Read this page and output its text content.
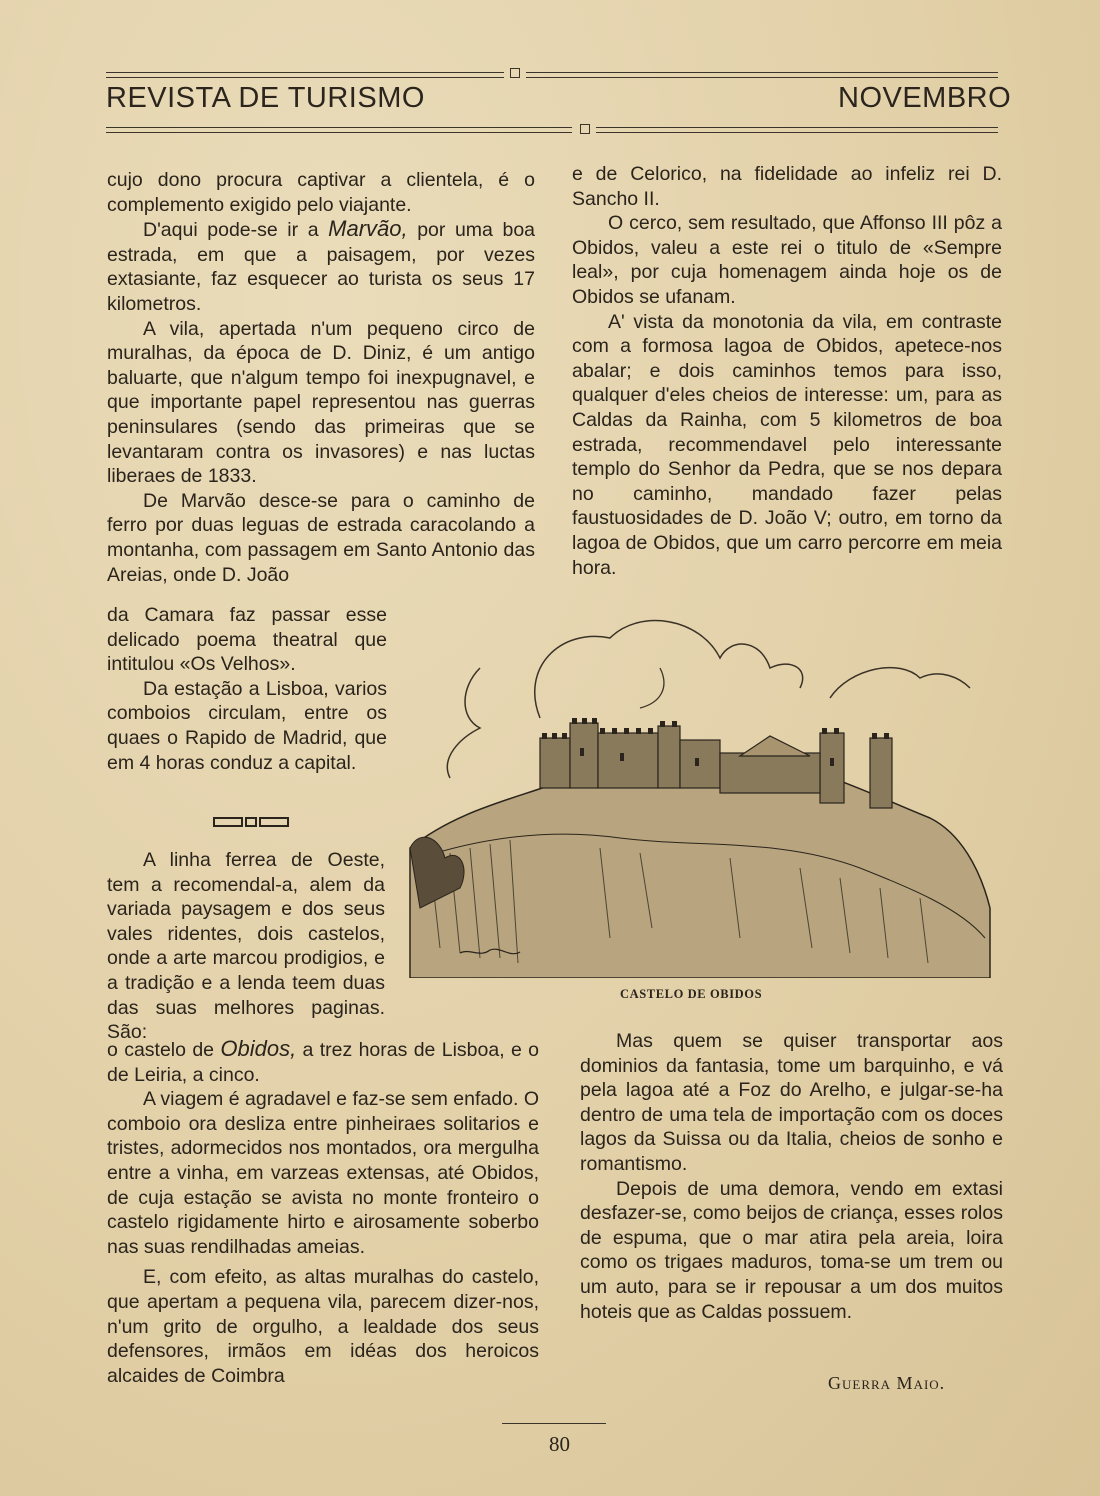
REVISTA DE TURISMO	NOVEMBRO

cujo dono procura captivar a clientela, é o complemento exigido pelo viajante.

D'aqui pode-se ir a Marvão, por uma boa estrada, em que a paisagem, por vezes extasiante, faz esquecer ao turista os seus 17 kilometros.

A vila, apertada n'um pequeno circo de muralhas, da época de D. Diniz, é um antigo baluarte, que n'algum tempo foi inexpugnavel, e que importante papel representou nas guerras peninsulares (sendo das primeiras que se levantaram contra os invasores) e nas luctas liberaes de 1833.

De Marvão desce-se para o caminho de ferro por duas leguas de estrada caracolando a montanha, com passagem em Santo Antonio das Areias, onde D. João

da Camara faz passar esse delicado poema theatral que intitulou «Os Velhos».

Da estação a Lisboa, varios comboios circulam, entre os quaes o Rapido de Madrid, que em 4 horas conduz a capital.

A linha ferrea de Oeste, tem a recomendal-a, alem da variada paysagem e dos seus vales ridentes, dois castelos, onde a arte marcou prodigios, e a tradição e a lenda teem duas das suas melhores paginas. São:

o castelo de Obidos, a trez horas de Lisboa, e o de Leiria, a cinco.

A viagem é agradavel e faz-se sem enfado. O comboio ora desliza entre pinheiraes solitarios e tristes, adormecidos nos montados, ora mergulha entre a vinha, em varzeas extensas, até Obidos, de cuja estação se avista no monte fronteiro o castelo rigidamente hirto e airosamente soberbo nas suas rendilhadas ameias.

E, com efeito, as altas muralhas do castelo, que apertam a pequena vila, parecem dizer-nos, n'um grito de orgulho, a lealdade dos seus defensores, irmãos em idéas dos heroicos alcaides de Coimbra

e de Celorico, na fidelidade ao infeliz rei D. Sancho II.

O cerco, sem resultado, que Affonso III pôz a Obidos, valeu a este rei o titulo de «Sempre leal», por cuja homenagem ainda hoje os de Obidos se ufanam.

A' vista da monotonia da vila, em contraste com a formosa lagoa de Obidos, apetece-nos abalar; e dois caminhos temos para isso, qualquer d'eles cheios de interesse: um, para as Caldas da Rainha, com 5 kilometros de boa estrada, recommendavel pelo interessante templo do Senhor da Pedra, que se nos depara no caminho, mandado fazer pelas faustuosidades de D. João V; outro, em torno da lagoa de Obidos, que um carro percorre em meia hora.

CASTELO DE OBIDOS

Mas quem se quiser transportar aos dominios da fantasia, tome um barquinho, e vá pela lagoa até a Foz do Arelho, e julgar-se-ha dentro de uma tela de importação com os doces lagos da Suissa ou da Italia, cheios de sonho e romantismo.

Depois de uma demora, vendo em extasi desfazer-se, como beijos de criança, esses rolos de espuma, que o mar atira pela areia, loira como os trigaes maduros, toma-se um trem ou um auto, para se ir repousar a um dos muitos hoteis que as Caldas possuem.

Guerra Maio.
80
